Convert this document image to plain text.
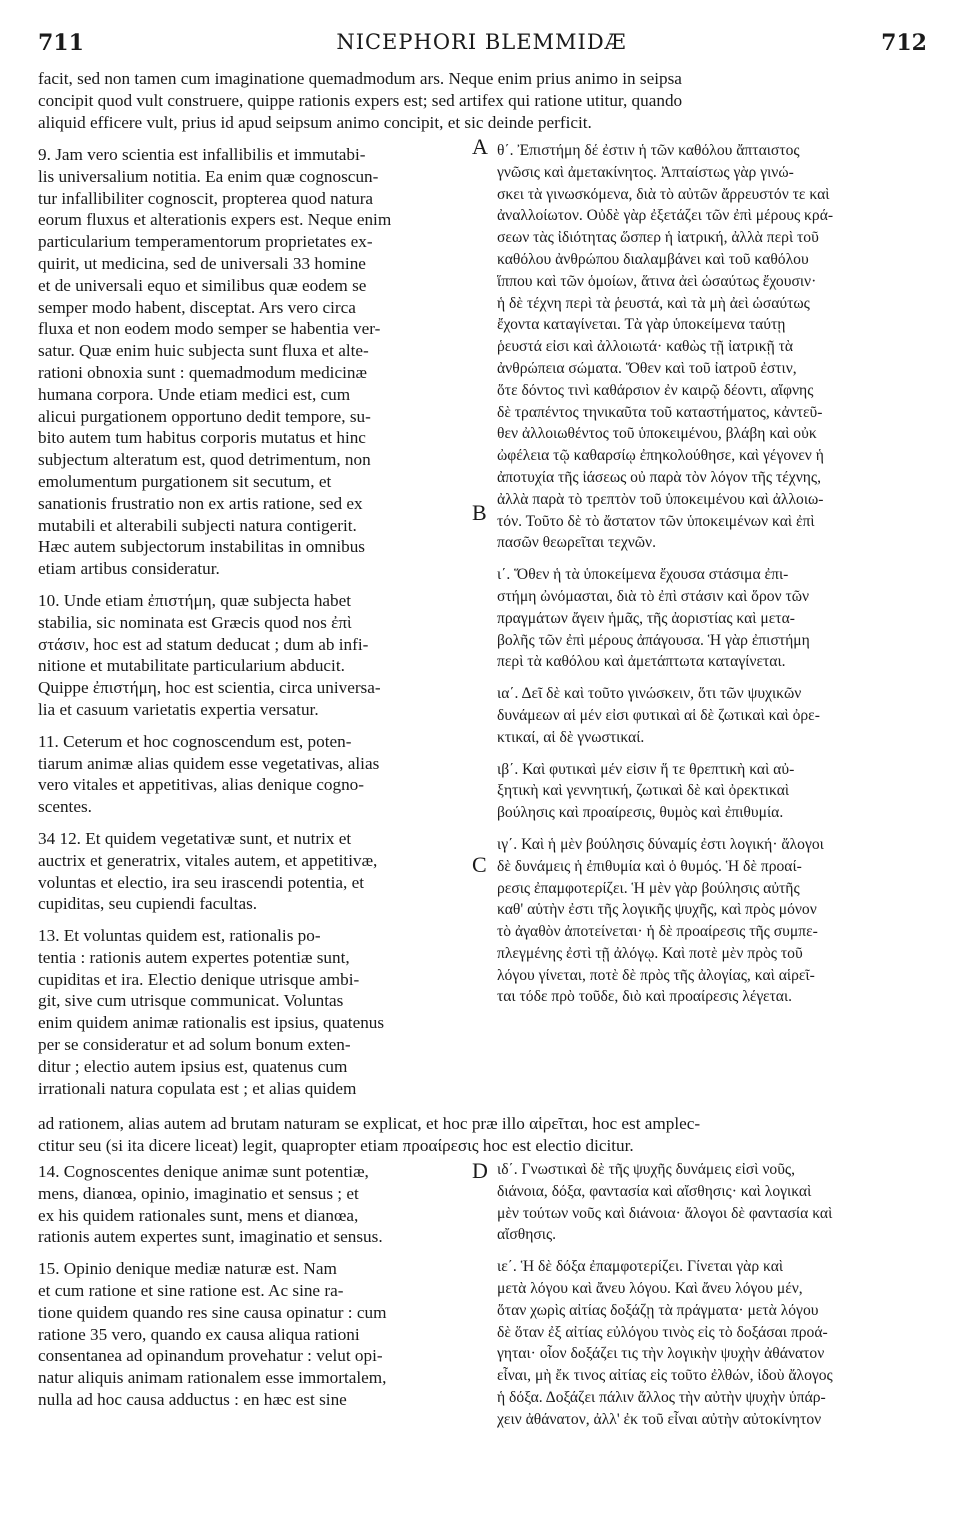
711	NICEPHORI BLEMMIDÆ	712
facit, sed non tamen cum imaginatione quemadmodum ars. Neque enim prius animo in seipsa
concipit quod vult construere, quippe rationis expers est; sed artifex qui ratione utitur, quando
aliquid efficere vult, prius id apud seipsum animo concipit, et sic deinde perficit.
9. Jam vero scientia est infallibilis et immutabi-
lis universalium notitia. Ea enim quæ cognoscun-
tur infallibiliter cognoscit, propterea quod natura
eorum fluxus et alterationis expers est. Neque enim
particularium temperamentorum proprietates ex-
quirit, ut medicina, sed de universali 33 homine
et de universali equo et similibus quæ eodem se
semper modo habent, disceptat. Ars vero circa
fluxa et non eodem modo semper se habentia ver-
satur. Quæ enim huic subjecta sunt fluxa et alte-
rationi obnoxia sunt : quemadmodum medicinæ
humana corpora. Unde etiam medici est, cum
alicui purgationem opportuno dedit tempore, su-
bito autem tum habitus corporis mutatus et hinc
subjectum alteratum est, quod detrimentum, non
emolumentum purgationem sit secutum, et
sanationis frustratio non ex artis ratione, sed ex
mutabili et alterabili subjecti natura contigerit.
Hæc autem subjectorum instabilitas in omnibus
etiam artibus consideratur.
10. Unde etiam ἐπιστήμη, quæ subjecta habet
stabilia, sic nominata est Græcis quod nos ἐπὶ
στάσιν, hoc est ad statum deducat ; dum ab infi-
nitione et mutabilitate particularium abducit.
Quippe ἐπιστήμη, hoc est scientia, circa universa-
lia et casuum varietatis expertia versatur.
11. Ceterum et hoc cognoscendum est, poten-
tiarum animæ alias quidem esse vegetativas, alias
vero vitales et appetitivas, alias denique cogno-
scentes.
34 12. Et quidem vegetativæ sunt, et nutrix et
auctrix et generatrix, vitales autem, et appetitivæ,
voluntas et electio, ira seu irascendi potentia, et
cupiditas, seu cupiendi facultas.
13. Et voluntas quidem est, rationalis po-
tentia : rationis autem expertes potentiæ sunt,
cupiditas et ira. Electio denique utrisque ambi-
git, sive cum utrisque communicat. Voluntas
enim quidem animæ rationalis est ipsius, quatenus
per se consideratur et ad solum bonum exten-
ditur ; electio autem ipsius est, quatenus cum
irrationali natura copulata est ; et alias quidem
θ΄. Ἐπιστήμη δέ ἐστιν ἡ τῶν καθόλου ἄπταιστος
γνῶσις καὶ ἀμετακίνητος. Ἀπταίστως γὰρ γινώ-
σκει τὰ γινωσκόμενα, διὰ τὸ αὐτῶν ἄρρευστόν τε καὶ
ἀναλλοίωτον. Οὐδὲ γὰρ ἐξετάζει τῶν ἐπὶ μέρους κρά-
σεων τὰς ἰδιότητας ὥσπερ ἡ ἰατρική, ἀλλὰ περὶ τοῦ
καθόλου ἀνθρώπου διαλαμβάνει καὶ τοῦ καθόλου
ἵππου καὶ τῶν ὁμοίων, ἅτινα ἀεὶ ὡσαύτως ἔχουσιν·
ἡ δὲ τέχνη περὶ τὰ ῥευστά, καὶ τὰ μὴ ἀεὶ ὡσαύτως
ἔχοντα καταγίνεται. Τὰ γὰρ ὑποκείμενα ταύτῃ
ῥευστά εἰσι καὶ ἀλλοιωτά· καθὼς τῇ ἰατρικῇ τὰ
ἀνθρώπεια σώματα. Ὅθεν καὶ τοῦ ἰατροῦ ἐστιν,
ὅτε δόντος τινὶ καθάρσιον ἐν καιρῷ δέοντι, αἴφνης
δὲ τραπέντος τηνικαῦτα τοῦ καταστήματος, κἀντεῦ-
θεν ἀλλοιωθέντος τοῦ ὑποκειμένου, βλάβη καὶ οὐκ
ὠφέλεια τῷ καθαρσίῳ ἐπηκολούθησε, καὶ γέγονεν ἡ
ἀποτυχία τῆς ἰάσεως οὐ παρὰ τὸν λόγον τῆς τέχνης,
ἀλλὰ παρὰ τὸ τρεπτὸν τοῦ ὑποκειμένου καὶ ἀλλοιω-
τόν. Τοῦτο δὲ τὸ ἄστατον τῶν ὑποκειμένων καὶ ἐπὶ
πασῶν θεωρεῖται τεχνῶν.
ι΄. Ὅθεν ἡ τὰ ὑποκείμενα ἔχουσα στάσιμα ἐπι-
στήμη ὠνόμασται, διὰ τὸ ἐπὶ στάσιν καὶ ὅρον τῶν
πραγμάτων ἄγειν ἡμᾶς, τῆς ἀοριστίας καὶ μετα-
βολῆς τῶν ἐπὶ μέρους ἀπάγουσα. Ἡ γὰρ ἐπιστήμη
περὶ τὰ καθόλου καὶ ἀμετάπτωτα καταγίνεται.
ια΄. Δεῖ δὲ καὶ τοῦτο γινώσκειν, ὅτι τῶν ψυχικῶν
δυνάμεων αἱ μέν εἰσι φυτικαὶ αἱ δὲ ζωτικαὶ καὶ ὀρε-
κτικαί, αἱ δὲ γνωστικαί.
ιβ΄. Καὶ φυτικαὶ μέν εἰσιν ἥ τε θρεπτικὴ καὶ αὐ-
ξητικὴ καὶ γεννητική, ζωτικαὶ δὲ καὶ ὀρεκτικαὶ
βούλησις καὶ προαίρεσις, θυμὸς καὶ ἐπιθυμία.
ιγ΄. Καὶ ἡ μὲν βούλησις δύναμίς ἐστι λογική· ἄλογοι
δὲ δυνάμεις ἡ ἐπιθυμία καὶ ὁ θυμός. Ἡ δὲ προαί-
ρεσις ἐπαμφοτερίζει. Ἡ μὲν γὰρ βούλησις αὐτῆς
καθ' αὑτὴν ἐστι τῆς λογικῆς ψυχῆς, καὶ πρὸς μόνον
τὸ ἀγαθὸν ἀποτείνεται· ἡ δὲ προαίρεσις τῆς συμπε-
πλεγμένης ἐστὶ τῇ ἀλόγῳ. Καὶ ποτὲ μὲν πρὸς τοῦ
λόγου γίνεται, ποτὲ δὲ πρὸς τῆς ἀλογίας, καὶ αἱρεῖ-
ται τόδε πρὸ τοῦδε, διὸ καὶ προαίρεσις λέγεται.
ad rationem, alias autem ad brutam naturam se explicat, et hoc præ illo αἱρεῖται, hoc est amplec-
ctitur seu (si ita dicere liceat) legit, quapropter etiam προαίρεσις hoc est electio dicitur.
14. Cognoscentes denique animæ sunt potentiæ,
mens, dianœa, opinio, imaginatio et sensus ; et
ex his quidem rationales sunt, mens et dianœa,
rationis autem expertes sunt, imaginatio et sensus.
15. Opinio denique mediæ naturæ est. Nam
et cum ratione et sine ratione est. Ac sine ra-
tione quidem quando res sine causa opinatur : cum
ratione 35 vero, quando ex causa aliqua rationi
consentanea ad opinandum provehatur : velut opi-
natur aliquis animam rationalem esse immortalem,
nulla ad hoc causa adductus : en hæc est sine
ιδ΄. Γνωστικαὶ δὲ τῆς ψυχῆς δυνάμεις εἰσὶ νοῦς,
διάνοια, δόξα, φαντασία καὶ αἴσθησις· καὶ λογικαὶ
μὲν τούτων νοῦς καὶ διάνοια· ἄλογοι δὲ φαντασία καὶ
αἴσθησις.
ιε΄. Ἡ δὲ δόξα ἐπαμφοτερίζει. Γίνεται γὰρ καὶ
μετὰ λόγου καὶ ἄνευ λόγου. Καὶ ἄνευ λόγου μέν,
ὅταν χωρὶς αἰτίας δοξάζῃ τὰ πράγματα· μετὰ λόγου
δὲ ὅταν ἐξ αἰτίας εὐλόγου τινὸς εἰς τὸ δοξάσαι προά-
γηται· οἷον δοξάζει τις τὴν λογικὴν ψυχὴν ἀθάνατον
εἶναι, μὴ ἔκ τινος αἰτίας εἰς τοῦτο ἐλθών, ἰδοὺ ἄλογος
ἡ δόξα. Δοξάζει πάλιν ἄλλος τὴν αὐτὴν ψυχὴν ὑπάρ-
χειν ἀθάνατον, ἀλλ' ἐκ τοῦ εἶναι αὐτὴν αὐτοκίνητον
A
B
C
D
